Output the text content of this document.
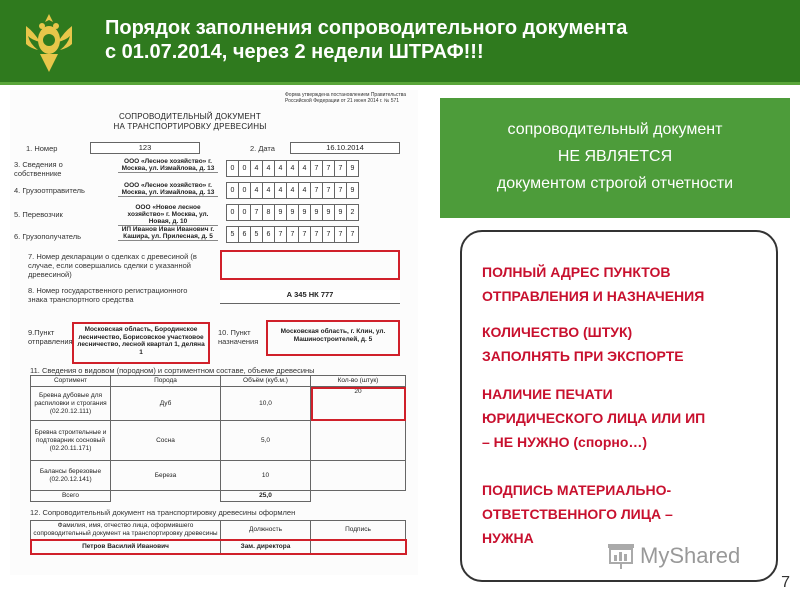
Порядок заполнения сопроводительного документа
с 01.07.2014, через 2 недели ШТРАФ!!!
Форма утверждена постановлением Правительства Российской Федерации от 21 июня 2014 г. № 571
СОПРОВОДИТЕЛЬНЫЙ ДОКУМЕНТ
НА ТРАНСПОРТИРОВКУ ДРЕВЕСИНЫ
1. Номер	123	2. Дата	16.10.2014
3. Сведения о собственнике
ООО «Лесное хозяйство» г. Москва, ул. Измайлова, д. 13	0	0	4	4	4	4	4	7	7	7	9
4. Грузоотправитель
ООО «Лесное хозяйство» г. Москва, ул. Измайлова, д. 13	0	0	4	4	4	4	4	7	7	7	9
5. Перевозчик
ООО «Новое лесное хозяйство» г. Москва, ул. Новая, д. 10
0	0	7	8	9	9	9	9	9	9	2
6. Грузополучатель
ИП Иванов Иван Иванович г. Кашира, ул. Прилесная, д. 5	5	6	5	6	7	7	7	7	7	7	7
7. Номер декларации о сделках с древесиной (в случае, если совершались сделки с указанной древесиной)
8. Номер государственного регистрационного знака транспортного средства
А 345 НК 777
9.Пункт отправления
Московская область, Бородинское лесничество, Борисовское участковое лесничество, лесной квартал 1, деляна 1
10. Пункт назначения
Московская область, г. Клин, ул. Машиностроителей, д. 5
11. Сведения о видовом (породном) и сортиментном составе, объеме древесины
Сортимент	Порода	Объём (куб.м.)	Кол-во (штук)
Бревна дубовые для распиловки и строгания (02.20.12.111)	Дуб	10,0	20
Бревна строительные и подтоварник сосновый (02.20.11.171)	Сосна	5,0	
Балансы березовые (02.20.12.141)	Береза	10	
Всего		25,0	
12. Сопроводительный документ на транспортировку древесины оформлен
Фамилия, имя, отчество лица, оформившего сопроводительный документ на транспортировку древесины	Должность	Подпись
Петров Василий Иванович	Зам. директора	
сопроводительный документ
НЕ ЯВЛЯЕТСЯ
документом строгой отчетности
ПОЛНЫЙ АДРЕС ПУНКТОВ
ОТПРАВЛЕНИЯ И НАЗНАЧЕНИЯ
КОЛИЧЕСТВО (ШТУК)
ЗАПОЛНЯТЬ ПРИ ЭКСПОРТЕ
НАЛИЧИЕ ПЕЧАТИ
ЮРИДИЧЕСКОГО ЛИЦА ИЛИ ИП
– НЕ НУЖНО (спорно…)
ПОДПИСЬ МАТЕРИАЛЬНО-
ОТВЕТСТВЕННОГО ЛИЦА –
НУЖНА
MyShared
7
